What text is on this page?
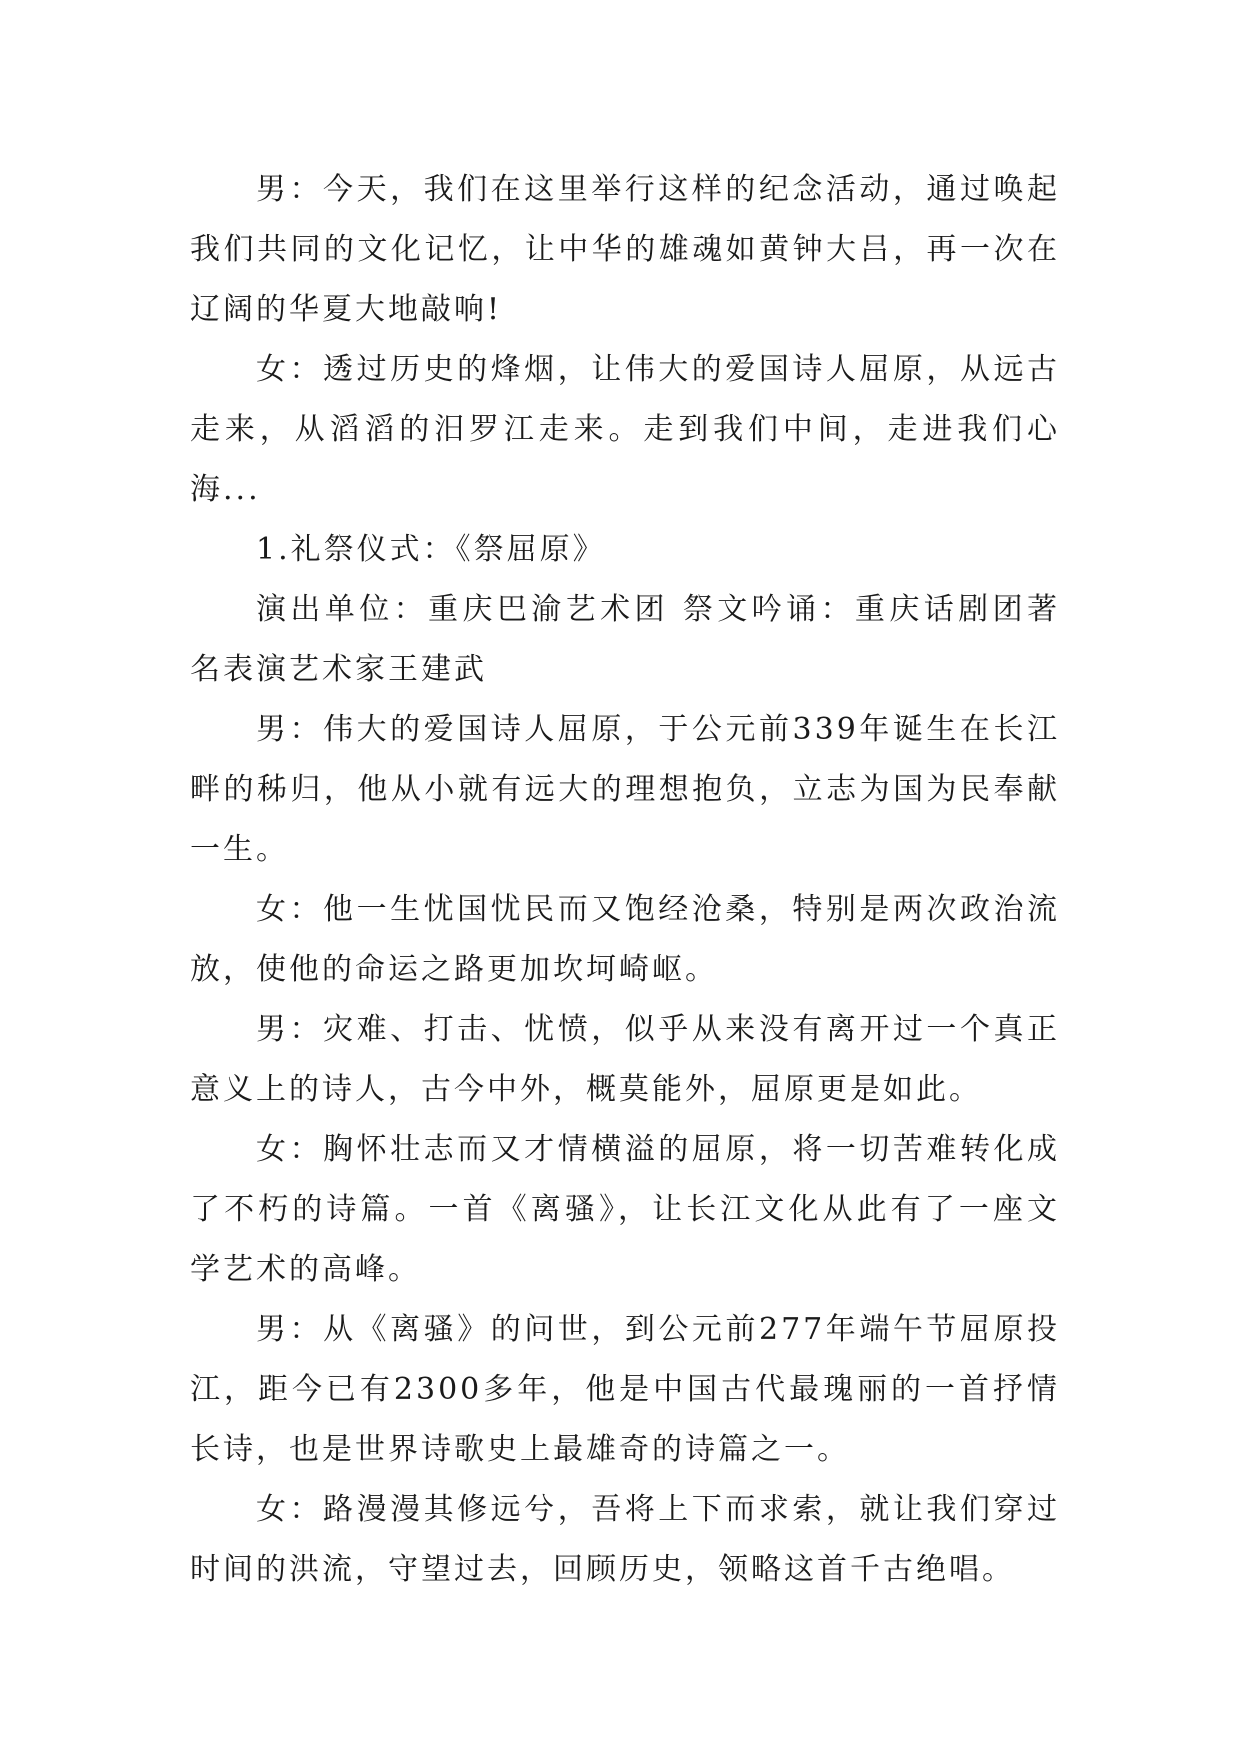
男：今天，我们在这里举行这样的纪念活动，通过唤起我们共同的文化记忆，让中华的雄魂如黄钟大吕，再一次在辽阔的华夏大地敲响!

女：透过历史的烽烟，让伟大的爱国诗人屈原，从远古走来，从滔滔的汨罗江走来。走到我们中间，走进我们心海...

1.礼祭仪式：《祭屈原》

演出单位：重庆巴渝艺术团 祭文吟诵：重庆话剧团著名表演艺术家王建武

男：伟大的爱国诗人屈原，于公元前339年诞生在长江畔的秭归，他从小就有远大的理想抱负，立志为国为民奉献一生。

女：他一生忧国忧民而又饱经沧桑，特别是两次政治流放，使他的命运之路更加坎坷崎岖。

男：灾难、打击、忧愤，似乎从来没有离开过一个真正意义上的诗人，古今中外，概莫能外，屈原更是如此。

女：胸怀壮志而又才情横溢的屈原，将一切苦难转化成了不朽的诗篇。一首《离骚》，让长江文化从此有了一座文学艺术的高峰。

男：从《离骚》的问世，到公元前277年端午节屈原投江，距今已有2300多年，他是中国古代最瑰丽的一首抒情长诗，也是世界诗歌史上最雄奇的诗篇之一。

女：路漫漫其修远兮，吾将上下而求索，就让我们穿过时间的洪流，守望过去，回顾历史，领略这首千古绝唱。
